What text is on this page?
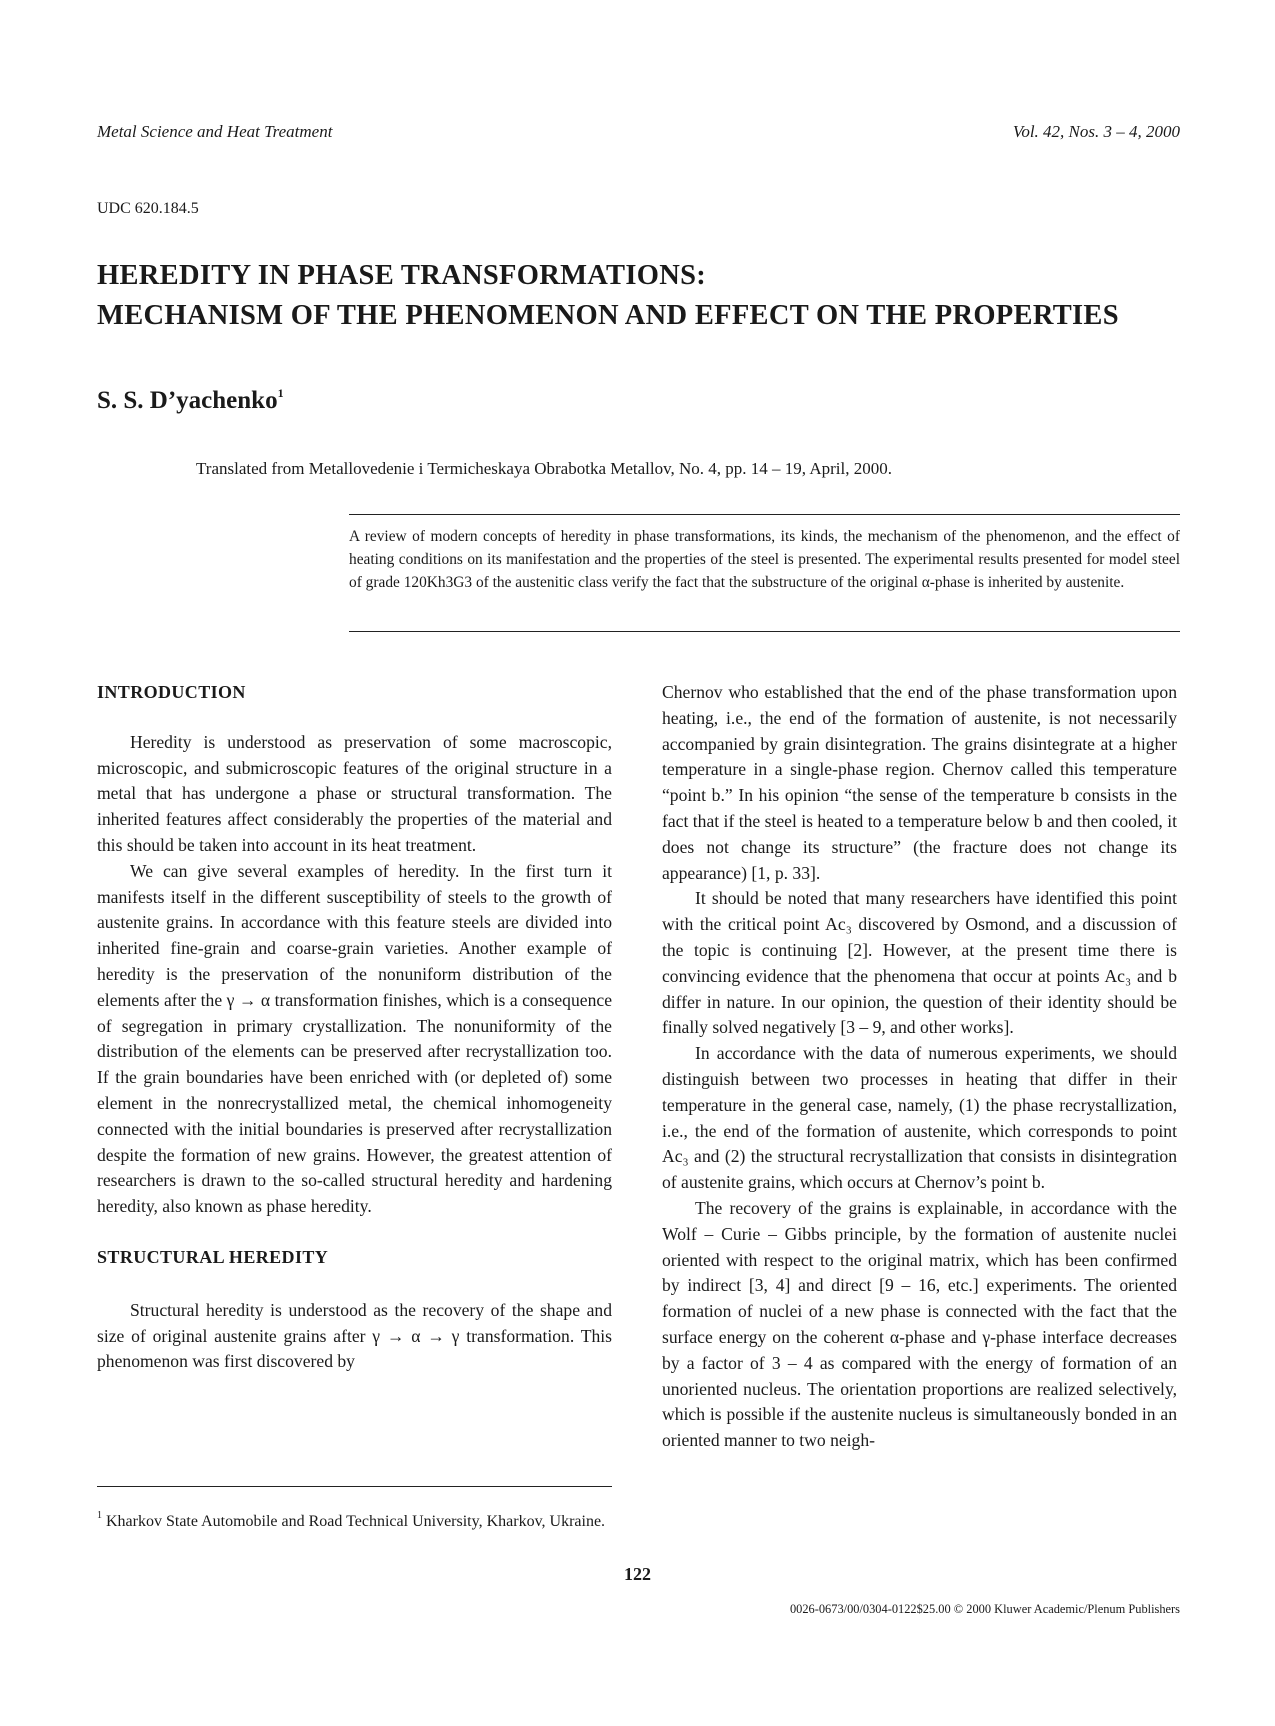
Metal Science and Heat Treatment	Vol. 42, Nos. 3 – 4, 2000
UDC 620.184.5
HEREDITY IN PHASE TRANSFORMATIONS:
MECHANISM OF THE PHENOMENON AND EFFECT ON THE PROPERTIES
S. S. D’yachenko$^1$
Translated from Metallovedenie i Termicheskaya Obrabotka Metallov, No. 4, pp. 14 – 19, April, 2000.
A review of modern concepts of heredity in phase transformations, its kinds, the mechanism of the phenomenon, and the effect of heating conditions on its manifestation and the properties of the steel is presented. The experimental results presented for model steel of grade 120Kh3G3 of the austenitic class verify the fact that the substructure of the original α-phase is inherited by austenite.
INTRODUCTION

Heredity is understood as preservation of some macroscopic, microscopic, and submicroscopic features of the original structure in a metal that has undergone a phase or structural transformation. The inherited features affect considerably the properties of the material and this should be taken into account in its heat treatment.

We can give several examples of heredity. In the first turn it manifests itself in the different susceptibility of steels to the growth of austenite grains. In accordance with this feature steels are divided into inherited fine-grain and coarse-grain varieties. Another example of heredity is the preservation of the nonuniform distribution of the elements after the γ → α transformation finishes, which is a consequence of segregation in primary crystallization. The nonuniformity of the distribution of the elements can be preserved after recrystallization too. If the grain boundaries have been enriched with (or depleted of) some element in the nonrecrystallized metal, the chemical inhomogeneity connected with the initial boundaries is preserved after recrystallization despite the formation of new grains. However, the greatest attention of researchers is drawn to the so-called structural heredity and hardening heredity, also known as phase heredity.

STRUCTURAL HEREDITY

Structural heredity is understood as the recovery of the shape and size of original austenite grains after γ → α → γ transformation. This phenomenon was first discovered by

Chernov who established that the end of the phase transformation upon heating, i.e., the end of the formation of austenite, is not necessarily accompanied by grain disintegration. The grains disintegrate at a higher temperature in a single-phase region. Chernov called this temperature “point b.” In his opinion “the sense of the temperature b consists in the fact that if the steel is heated to a temperature below b and then cooled, it does not change its structure” (the fracture does not change its appearance) [1, p. 33].

It should be noted that many researchers have identified this point with the critical point Ac₃ discovered by Osmond, and a discussion of the topic is continuing [2]. However, at the present time there is convincing evidence that the phenomena that occur at points Ac₃ and b differ in nature. In our opinion, the question of their identity should be finally solved negatively [3 – 9, and other works].

In accordance with the data of numerous experiments, we should distinguish between two processes in heating that differ in their temperature in the general case, namely, (1) the phase recrystallization, i.e., the end of the formation of austenite, which corresponds to point Ac₃ and (2) the structural recrystallization that consists in disintegration of austenite grains, which occurs at Chernov’s point b.

The recovery of the grains is explainable, in accordance with the Wolf – Curie – Gibbs principle, by the formation of austenite nuclei oriented with respect to the original matrix, which has been confirmed by indirect [3, 4] and direct [9 – 16, etc.] experiments. The oriented formation of nuclei of a new phase is connected with the fact that the surface energy on the coherent α-phase and γ-phase interface decreases by a factor of 3 – 4 as compared with the energy of formation of an unoriented nucleus. The orientation proportions are realized selectively, which is possible if the austenite nucleus is simultaneously bonded in an oriented manner to two neigh-

$^1$ Kharkov State Automobile and Road Technical University, Kharkov, Ukraine.
122
0026-0673/00/0304-0122$25.00 © 2000 Kluwer Academic/Plenum Publishers
